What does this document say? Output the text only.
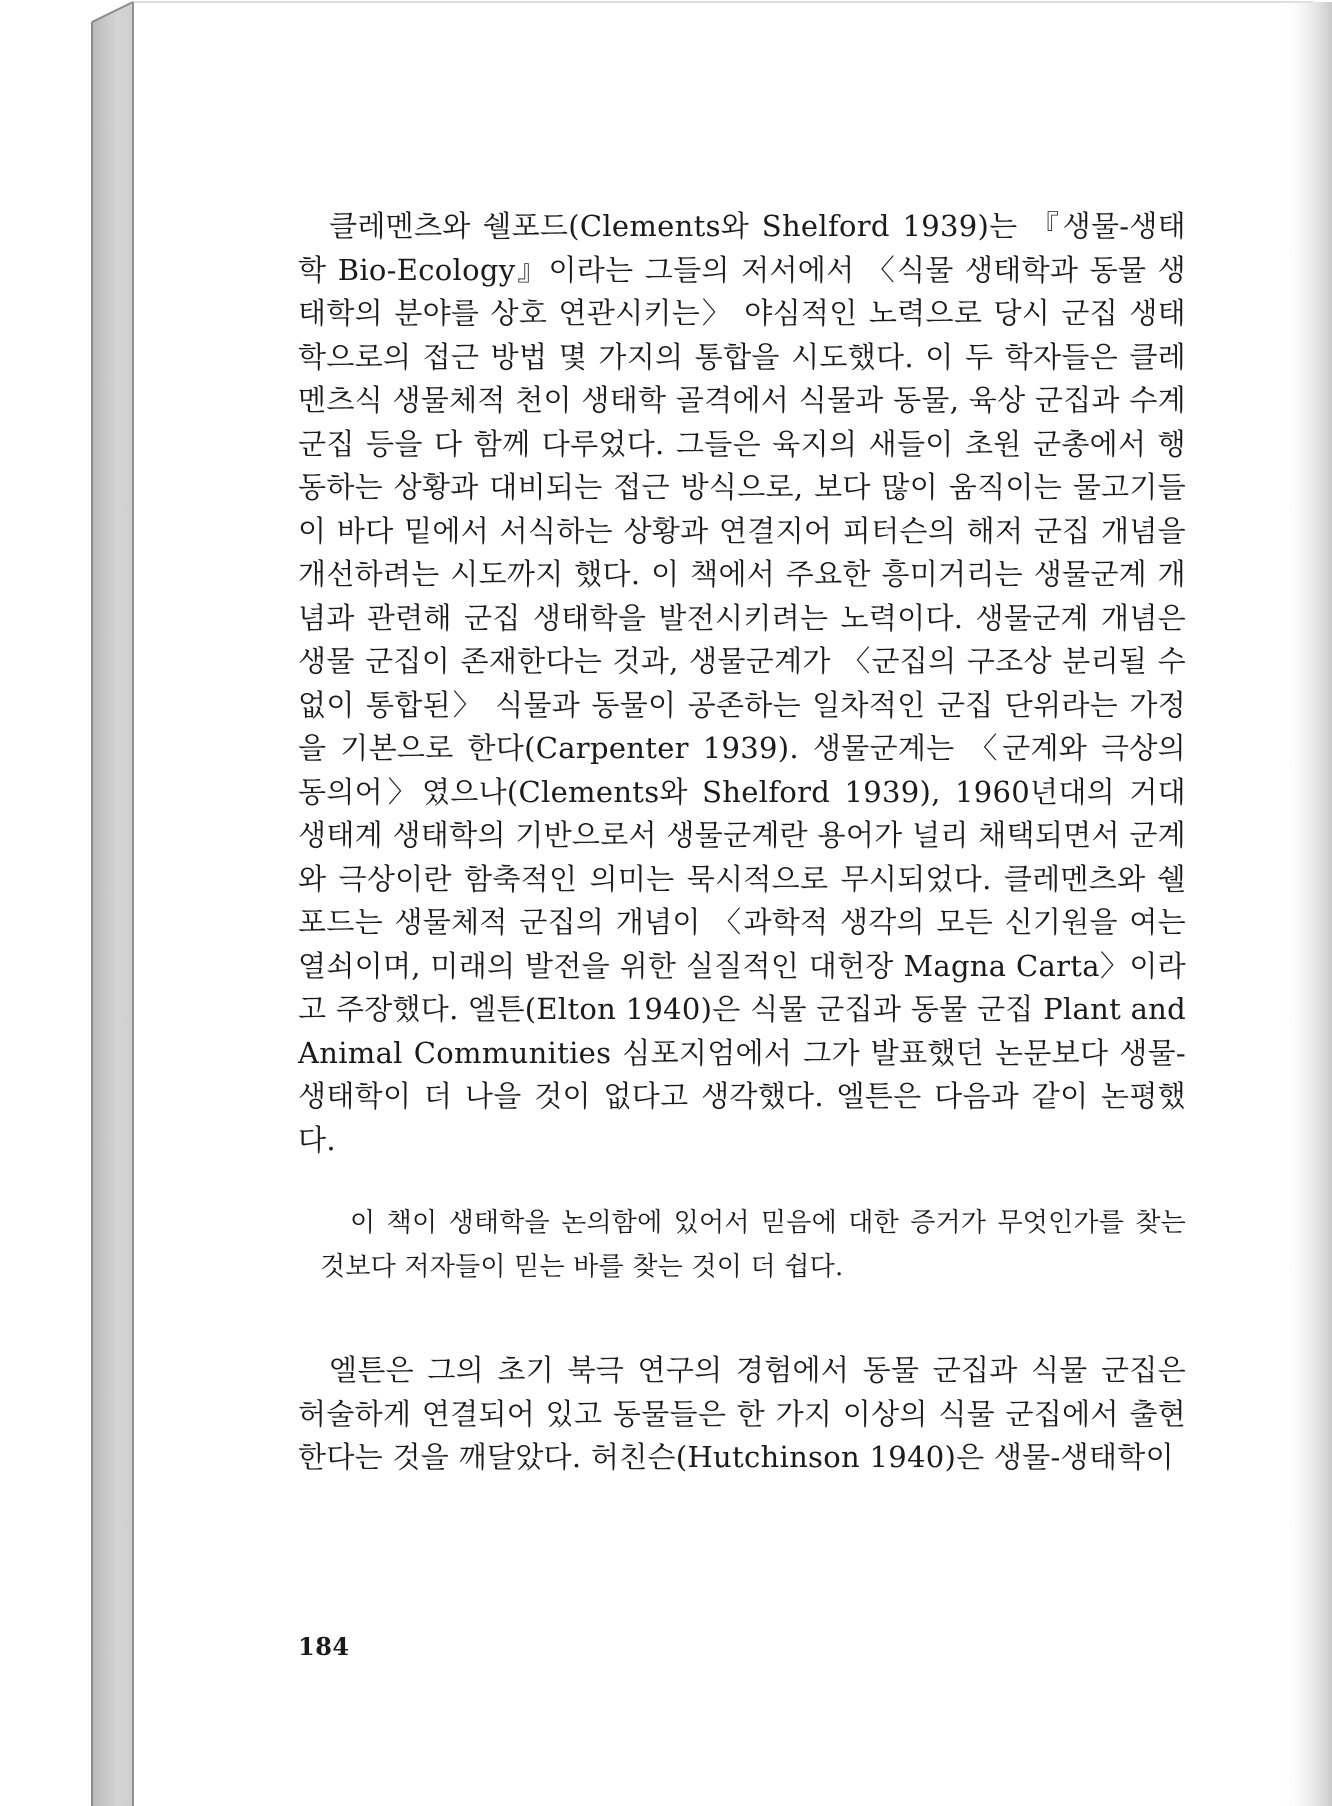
클레멘츠와 쉘포드(Clements와 Shelford 1939)는 『생물-생태학 Bio-Ecology』이라는 그들의 저서에서 〈식물 생태학과 동물 생태학의 분야를 상호 연관시키는〉 야심적인 노력으로 당시 군집 생태학으로의 접근 방법 몇 가지의 통합을 시도했다. 이 두 학자들은 클레멘츠식 생물체적 천이 생태학 골격에서 식물과 동물, 육상 군집과 수계 군집 등을 다 함께 다루었다. 그들은 육지의 새들이 초원 군총에서 행동하는 상황과 대비되는 접근 방식으로, 보다 많이 움직이는 물고기들이 바다 밑에서 서식하는 상황과 연결지어 피터슨의 해저 군집 개념을 개선하려는 시도까지 했다. 이 책에서 주요한 흥미거리는 생물군계 개념과 관련해 군집 생태학을 발전시키려는 노력이다. 생물군계 개념은 생물 군집이 존재한다는 것과, 생물군계가 〈군집의 구조상 분리될 수 없이 통합된〉 식물과 동물이 공존하는 일차적인 군집 단위라는 가정을 기본으로 한다(Carpenter 1939). 생물군계는 〈군계와 극상의 동의어〉였으나(Clements와 Shelford 1939), 1960년대의 거대 생태계 생태학의 기반으로서 생물군계란 용어가 널리 채택되면서 군계와 극상이란 함축적인 의미는 묵시적으로 무시되었다. 클레멘츠와 쉘포드는 생물체적 군집의 개념이 〈과학적 생각의 모든 신기원을 여는 열쇠이며, 미래의 발전을 위한 실질적인 대헌장 Magna Carta〉이라고 주장했다. 엘튼(Elton 1940)은 식물 군집과 동물 군집 Plant and Animal Communities 심포지엄에서 그가 발표했던 논문보다 생물-생태학이 더 나을 것이 없다고 생각했다. 엘튼은 다음과 같이 논평했다.

이 책이 생태학을 논의함에 있어서 믿음에 대한 증거가 무엇인가를 찾는 것보다 저자들이 믿는 바를 찾는 것이 더 쉽다.

엘튼은 그의 초기 북극 연구의 경험에서 동물 군집과 식물 군집은 허술하게 연결되어 있고 동물들은 한 가지 이상의 식물 군집에서 출현한다는 것을 깨달았다. 허친슨(Hutchinson 1940)은 생물-생태학이

184
